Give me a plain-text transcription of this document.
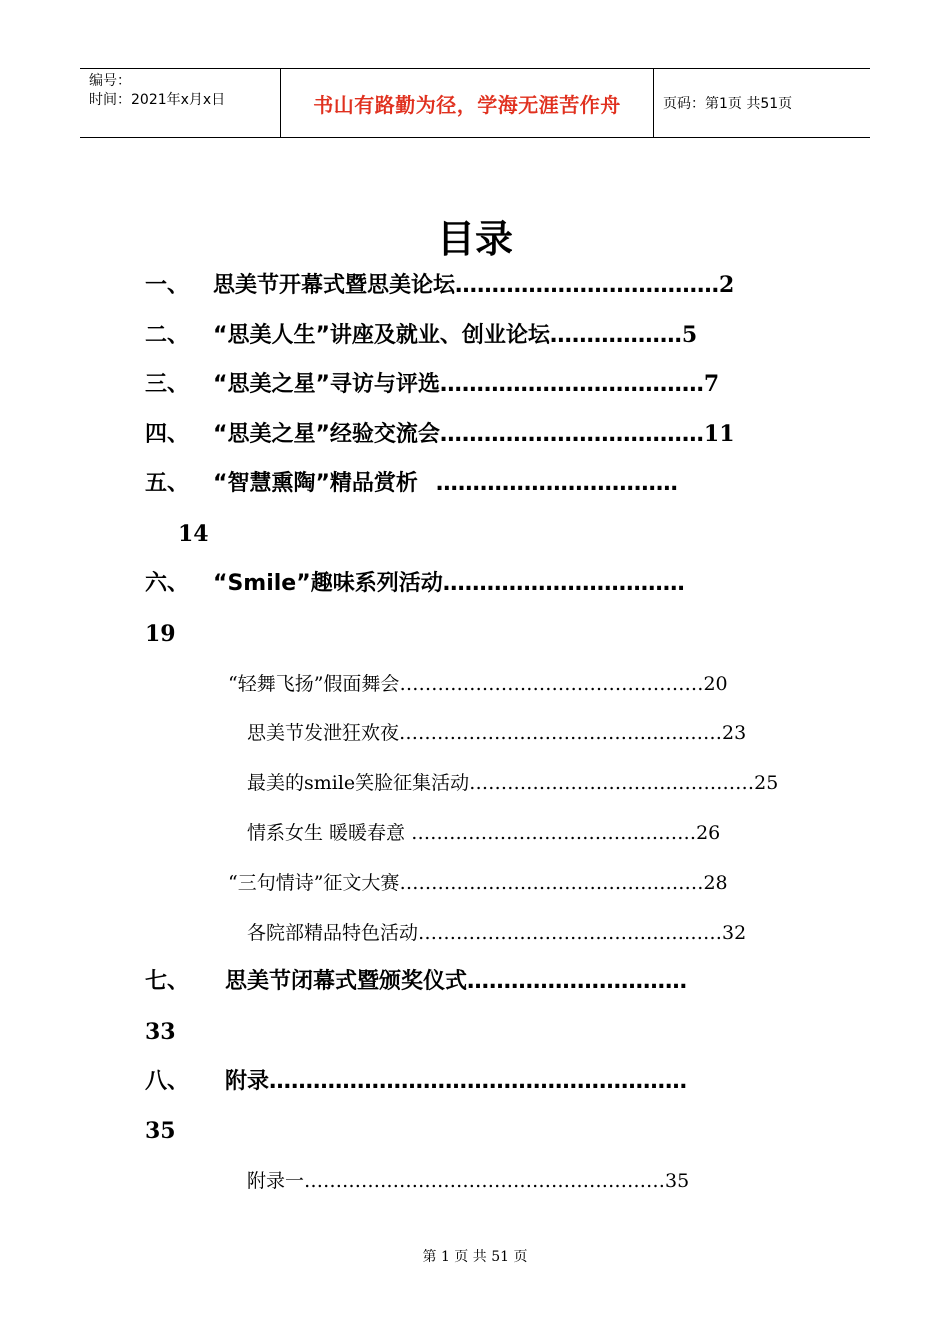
编号：
时间：2021年x月x日	书山有路勤为径，学海无涯苦作舟	页码：第1页 共51页
目录
一、 思美节开幕式暨思美论坛………………………………2
二、 “思美人生”讲座及就业、创业论坛………………5
三、 “思美之星”寻访与评选………………………………7
四、 “思美之星”经验交流会………………………………11
五、 “智慧熏陶”精品赏析 ……………………………
14
六、 “Smile”趣味系列活动……………………………
19
“轻舞飞扬”假面舞会…………………………………………20
思美节发泄狂欢夜……………………………………………23
最美的smile笑脸征集活动………………………………………25
情系女生 暖暖春意 ………………………………………26
“三句情诗”征文大赛…………………………………………28
各院部精品特色活动…………………………………………32
七、 思美节闭幕式暨颁奖仪式…………………………
33
八、 附录…………………………………………………
35
附录一…………………………………………………35
第 1 页 共 51 页
